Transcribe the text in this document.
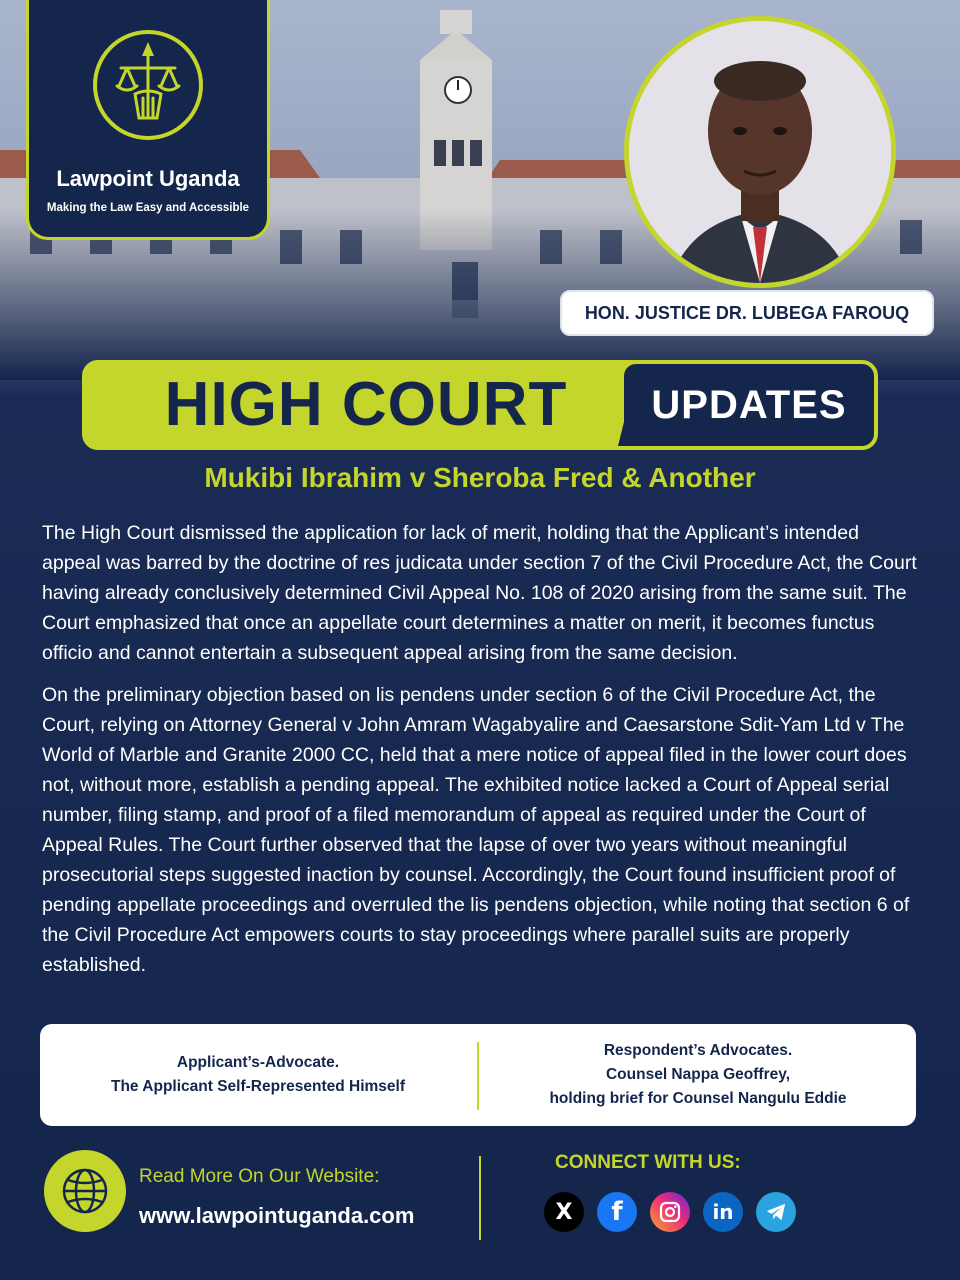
Lawpoint Uganda
Making the Law Easy and Accessible
HON. JUSTICE DR. LUBEGA FAROUQ
HIGH COURT	UPDATES
Mukibi Ibrahim v Sheroba Fred & Another

The High Court dismissed the application for lack of merit, holding that the Applicant’s intended appeal was barred by the doctrine of res judicata under section 7 of the Civil Procedure Act, the Court having already conclusively determined Civil Appeal No. 108 of 2020 arising from the same suit. The Court emphasized that once an appellate court determines a matter on merit, it becomes functus officio and cannot entertain a subsequent appeal arising from the same decision.

On the preliminary objection based on lis pendens under section 6 of the Civil Procedure Act, the Court, relying on Attorney General v John Amram Wagabyalire and Caesarstone Sdit-Yam Ltd v The World of Marble and Granite 2000 CC, held that a mere notice of appeal filed in the lower court does not, without more, establish a pending appeal. The exhibited notice lacked a Court of Appeal serial number, filing stamp, and proof of a filed memorandum of appeal as required under the Court of Appeal Rules. The Court further observed that the lapse of over two years without meaningful prosecutorial steps suggested inaction by counsel. Accordingly, the Court found insufficient proof of pending appellate proceedings and overruled the lis pendens objection, while noting that section 6 of the Civil Procedure Act empowers courts to stay proceedings where parallel suits are properly established.

Applicant’s-Advocate.
The Applicant Self-Represented Himself
Respondent’s Advocates.
Counsel Nappa Geoffrey,
holding brief for Counsel Nangulu Eddie
Read More On Our Website:
www.lawpointuganda.com
CONNECT WITH US:
X	f	in
